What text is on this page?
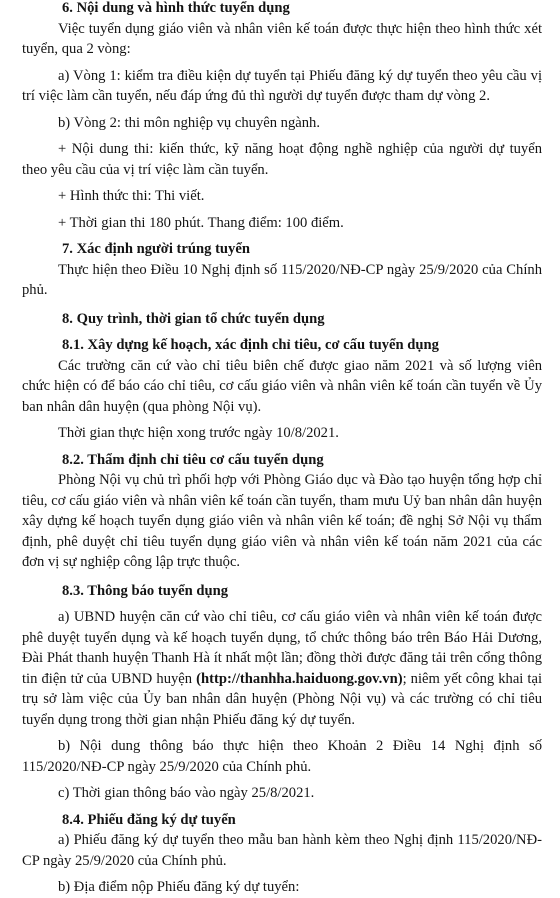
6. Nội dung và hình thức tuyển dụng

Việc tuyển dụng giáo viên và nhân viên kế toán được thực hiện theo hình thức xét tuyển, qua 2 vòng:

a) Vòng 1: kiểm tra điều kiện dự tuyển tại Phiếu đăng ký dự tuyển theo yêu cầu vị trí việc làm cần tuyển, nếu đáp ứng đủ thì người dự tuyển được tham dự vòng 2.

b) Vòng 2: thi môn nghiệp vụ chuyên ngành.

+ Nội dung thi: kiến thức, kỹ năng hoạt động nghề nghiệp của người dự tuyển theo yêu cầu của vị trí việc làm cần tuyển.

+ Hình thức thi: Thi viết.

+ Thời gian thi 180 phút. Thang điểm: 100 điểm.

7. Xác định người trúng tuyển

Thực hiện theo Điều 10 Nghị định số 115/2020/NĐ-CP ngày 25/9/2020 của Chính phủ.

8. Quy trình, thời gian tổ chức tuyển dụng
8.1. Xây dựng kế hoạch, xác định chỉ tiêu, cơ cấu tuyển dụng

Các trường căn cứ vào chỉ tiêu biên chế được giao năm 2021 và số lượng viên chức hiện có để báo cáo chỉ tiêu, cơ cấu giáo viên và nhân viên kế toán cần tuyển về Ủy ban nhân dân huyện (qua phòng Nội vụ).

Thời gian thực hiện xong trước ngày 10/8/2021.

8.2. Thẩm định chỉ tiêu cơ cấu tuyển dụng

Phòng Nội vụ chủ trì phối hợp với Phòng Giáo dục và Đào tạo huyện tổng hợp chỉ tiêu, cơ cấu giáo viên và nhân viên kế toán cần tuyển, tham mưu Uỷ ban nhân dân huyện xây dựng kế hoạch tuyển dụng giáo viên và nhân viên kế toán; đề nghị Sở Nội vụ thẩm định, phê duyệt chỉ tiêu tuyển dụng giáo viên và nhân viên kế toán năm 2021 của các đơn vị sự nghiệp công lập trực thuộc.

8.3. Thông báo tuyển dụng

a) UBND huyện căn cứ vào chỉ tiêu, cơ cấu giáo viên và nhân viên kế toán được phê duyệt tuyển dụng và kế hoạch tuyển dụng, tổ chức thông báo trên Báo Hải Dương, Đài Phát thanh huyện Thanh Hà ít nhất một lần; đồng thời được đăng tải trên cổng thông tin điện tử của UBND huyện (http://thanhha.haiduong.gov.vn); niêm yết công khai tại trụ sở làm việc của Ủy ban nhân dân huyện (Phòng Nội vụ) và các trường có chỉ tiêu tuyển dụng trong thời gian nhận Phiếu đăng ký dự tuyển.

b) Nội dung thông báo thực hiện theo Khoản 2 Điều 14 Nghị định số 115/2020/NĐ-CP ngày 25/9/2020 của Chính phủ.

c) Thời gian thông báo vào ngày 25/8/2021.

8.4. Phiếu đăng ký dự tuyển

a) Phiếu đăng ký dự tuyển theo mẫu ban hành kèm theo Nghị định 115/2020/NĐ-CP ngày 25/9/2020 của Chính phủ.

b) Địa điểm nộp Phiếu đăng ký dự tuyển:
